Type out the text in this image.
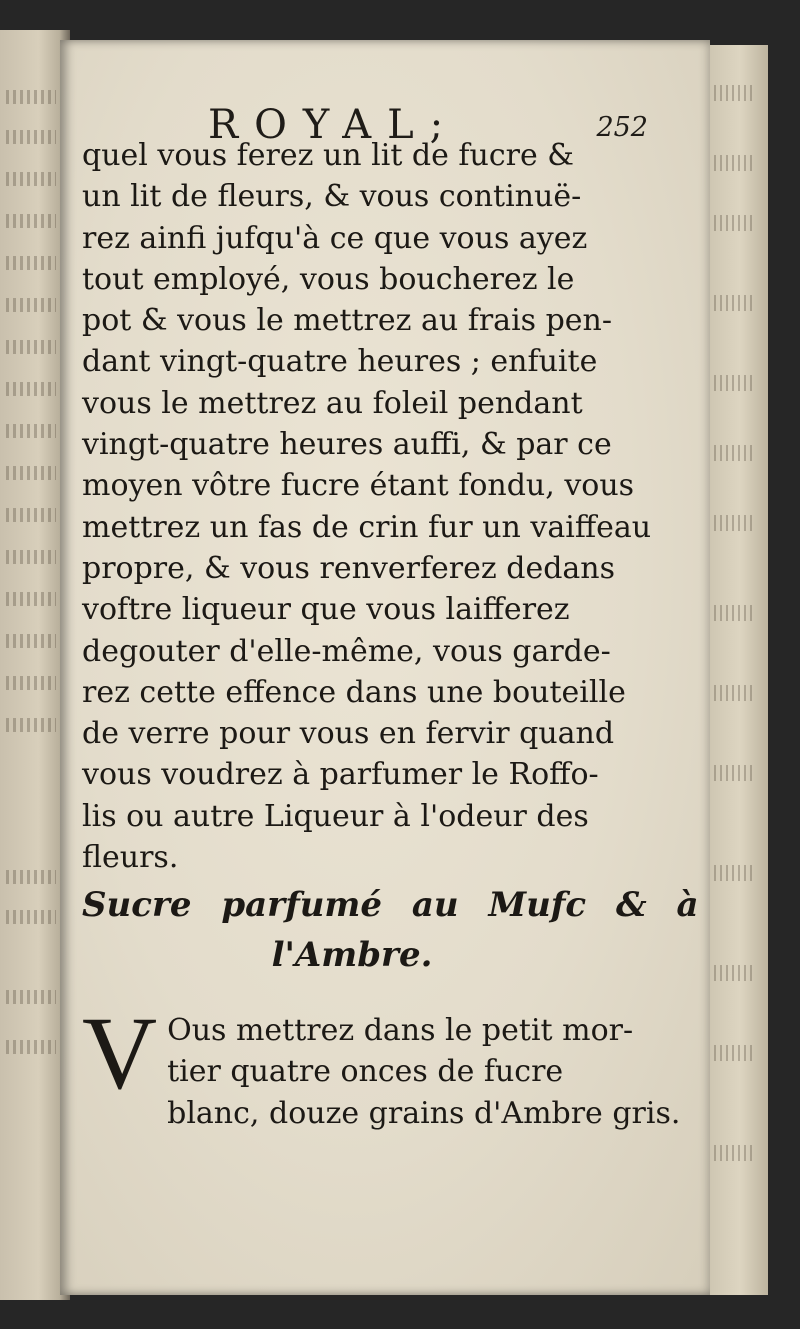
ROYAL;	252
quel vous ferez un lit de fucre &
un lit de fleurs, & vous continuë-
rez ainfi jufqu'à ce que vous ayez
tout employé, vous boucherez le
pot & vous le mettrez au frais pen-
dant vingt-quatre heures ; enfuite
vous le mettrez au foleil pendant
vingt-quatre heures auffi, & par ce
moyen vôtre fucre étant fondu, vous
mettrez un fas de crin fur un vaiffeau
propre, & vous renverferez dedans
voftre liqueur que vous laifferez
degouter d'elle-même, vous garde-
rez cette effence dans une bouteille
de verre pour vous en fervir quand
vous voudrez à parfumer le Roffo-
lis ou autre Liqueur à l'odeur des
fleurs.
Sucre parfumé au Mufc & à
l'Ambre.
V Ous mettrez dans le petit mor-
tier quatre onces de fucre
blanc, douze grains d'Ambre gris.
